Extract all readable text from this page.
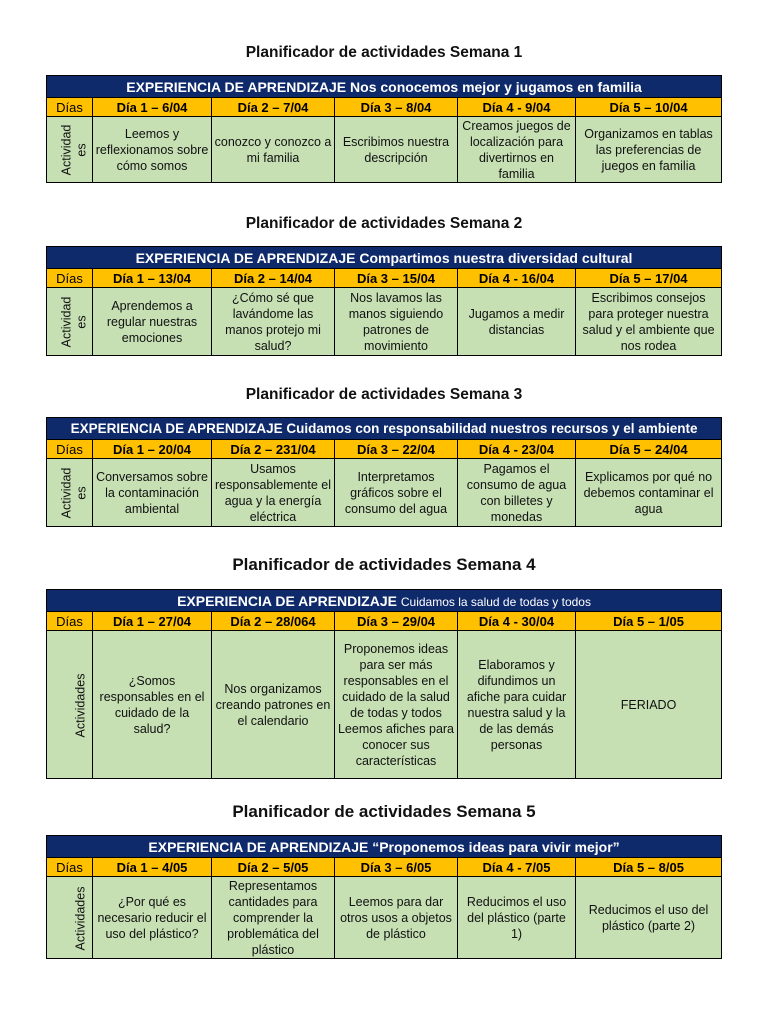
Planificador de actividades Semana 1
EXPERIENCIA DE APRENDIZAJE Nos conocemos mejor y jugamos en familia					
Días	Día 1 – 6/04	Día 2 – 7/04	Día 3 – 8/04	Día 4 - 9/04	Día 5 – 10/04
Actividad
es	Leemos y reflexionamos sobre cómo somos	conozco y conozco a mi familia	Escribimos nuestra descripción	Creamos juegos de localización para divertirnos en familia	Organizamos en tablas las preferencias de juegos en familia
Planificador de actividades Semana 2
EXPERIENCIA DE APRENDIZAJE Compartimos nuestra diversidad cultural					
Días	Día 1 – 13/04	Día 2 – 14/04	Día 3 – 15/04	Día 4 - 16/04	Día 5 – 17/04
Actividad
es	Aprendemos a regular nuestras emociones	¿Cómo sé que lavándome las manos protejo mi salud?	Nos lavamos las manos siguiendo patrones de movimiento	Jugamos a medir distancias	Escribimos consejos para proteger nuestra salud y el ambiente que nos rodea
Planificador de actividades Semana 3
EXPERIENCIA DE APRENDIZAJE Cuidamos con responsabilidad nuestros recursos y el ambiente					
Días	Día 1 – 20/04	Día 2 – 231/04	Día 3 – 22/04	Día 4 - 23/04	Día 5 – 24/04
Actividad
es	Conversamos sobre la contaminación ambiental	Usamos responsablemente el agua y la energía eléctrica	Interpretamos gráficos sobre el consumo del agua	Pagamos el consumo de agua con billetes y monedas	Explicamos por qué no debemos contaminar el agua
Planificador de actividades Semana 4
EXPERIENCIA DE APRENDIZAJE Cuidamos la salud de todas y todos					
Días	Día 1 – 27/04	Día 2 – 28/064	Día 3 – 29/04	Día 4 - 30/04	Día 5 – 1/05
Actividades	¿Somos responsables en el cuidado de la salud?	Nos organizamos creando patrones en el calendario	Proponemos ideas para ser más responsables en el cuidado de la salud de todas y todos Leemos afiches para conocer sus características	Elaboramos y difundimos un afiche para cuidar nuestra salud y la de las demás personas	FERIADO
Planificador de actividades Semana 5
EXPERIENCIA DE APRENDIZAJE “Proponemos ideas para vivir mejor”					
Días	Día 1 – 4/05	Día 2 – 5/05	Día 3 – 6/05	Día 4 - 7/05	Día 5 – 8/05
Actividades	¿Por qué es necesario reducir el uso del plástico?	Representamos cantidades para comprender la problemática del plástico	Leemos para dar otros usos a objetos de plástico	Reducimos el uso del plástico (parte 1)	Reducimos el uso del plástico (parte 2)
